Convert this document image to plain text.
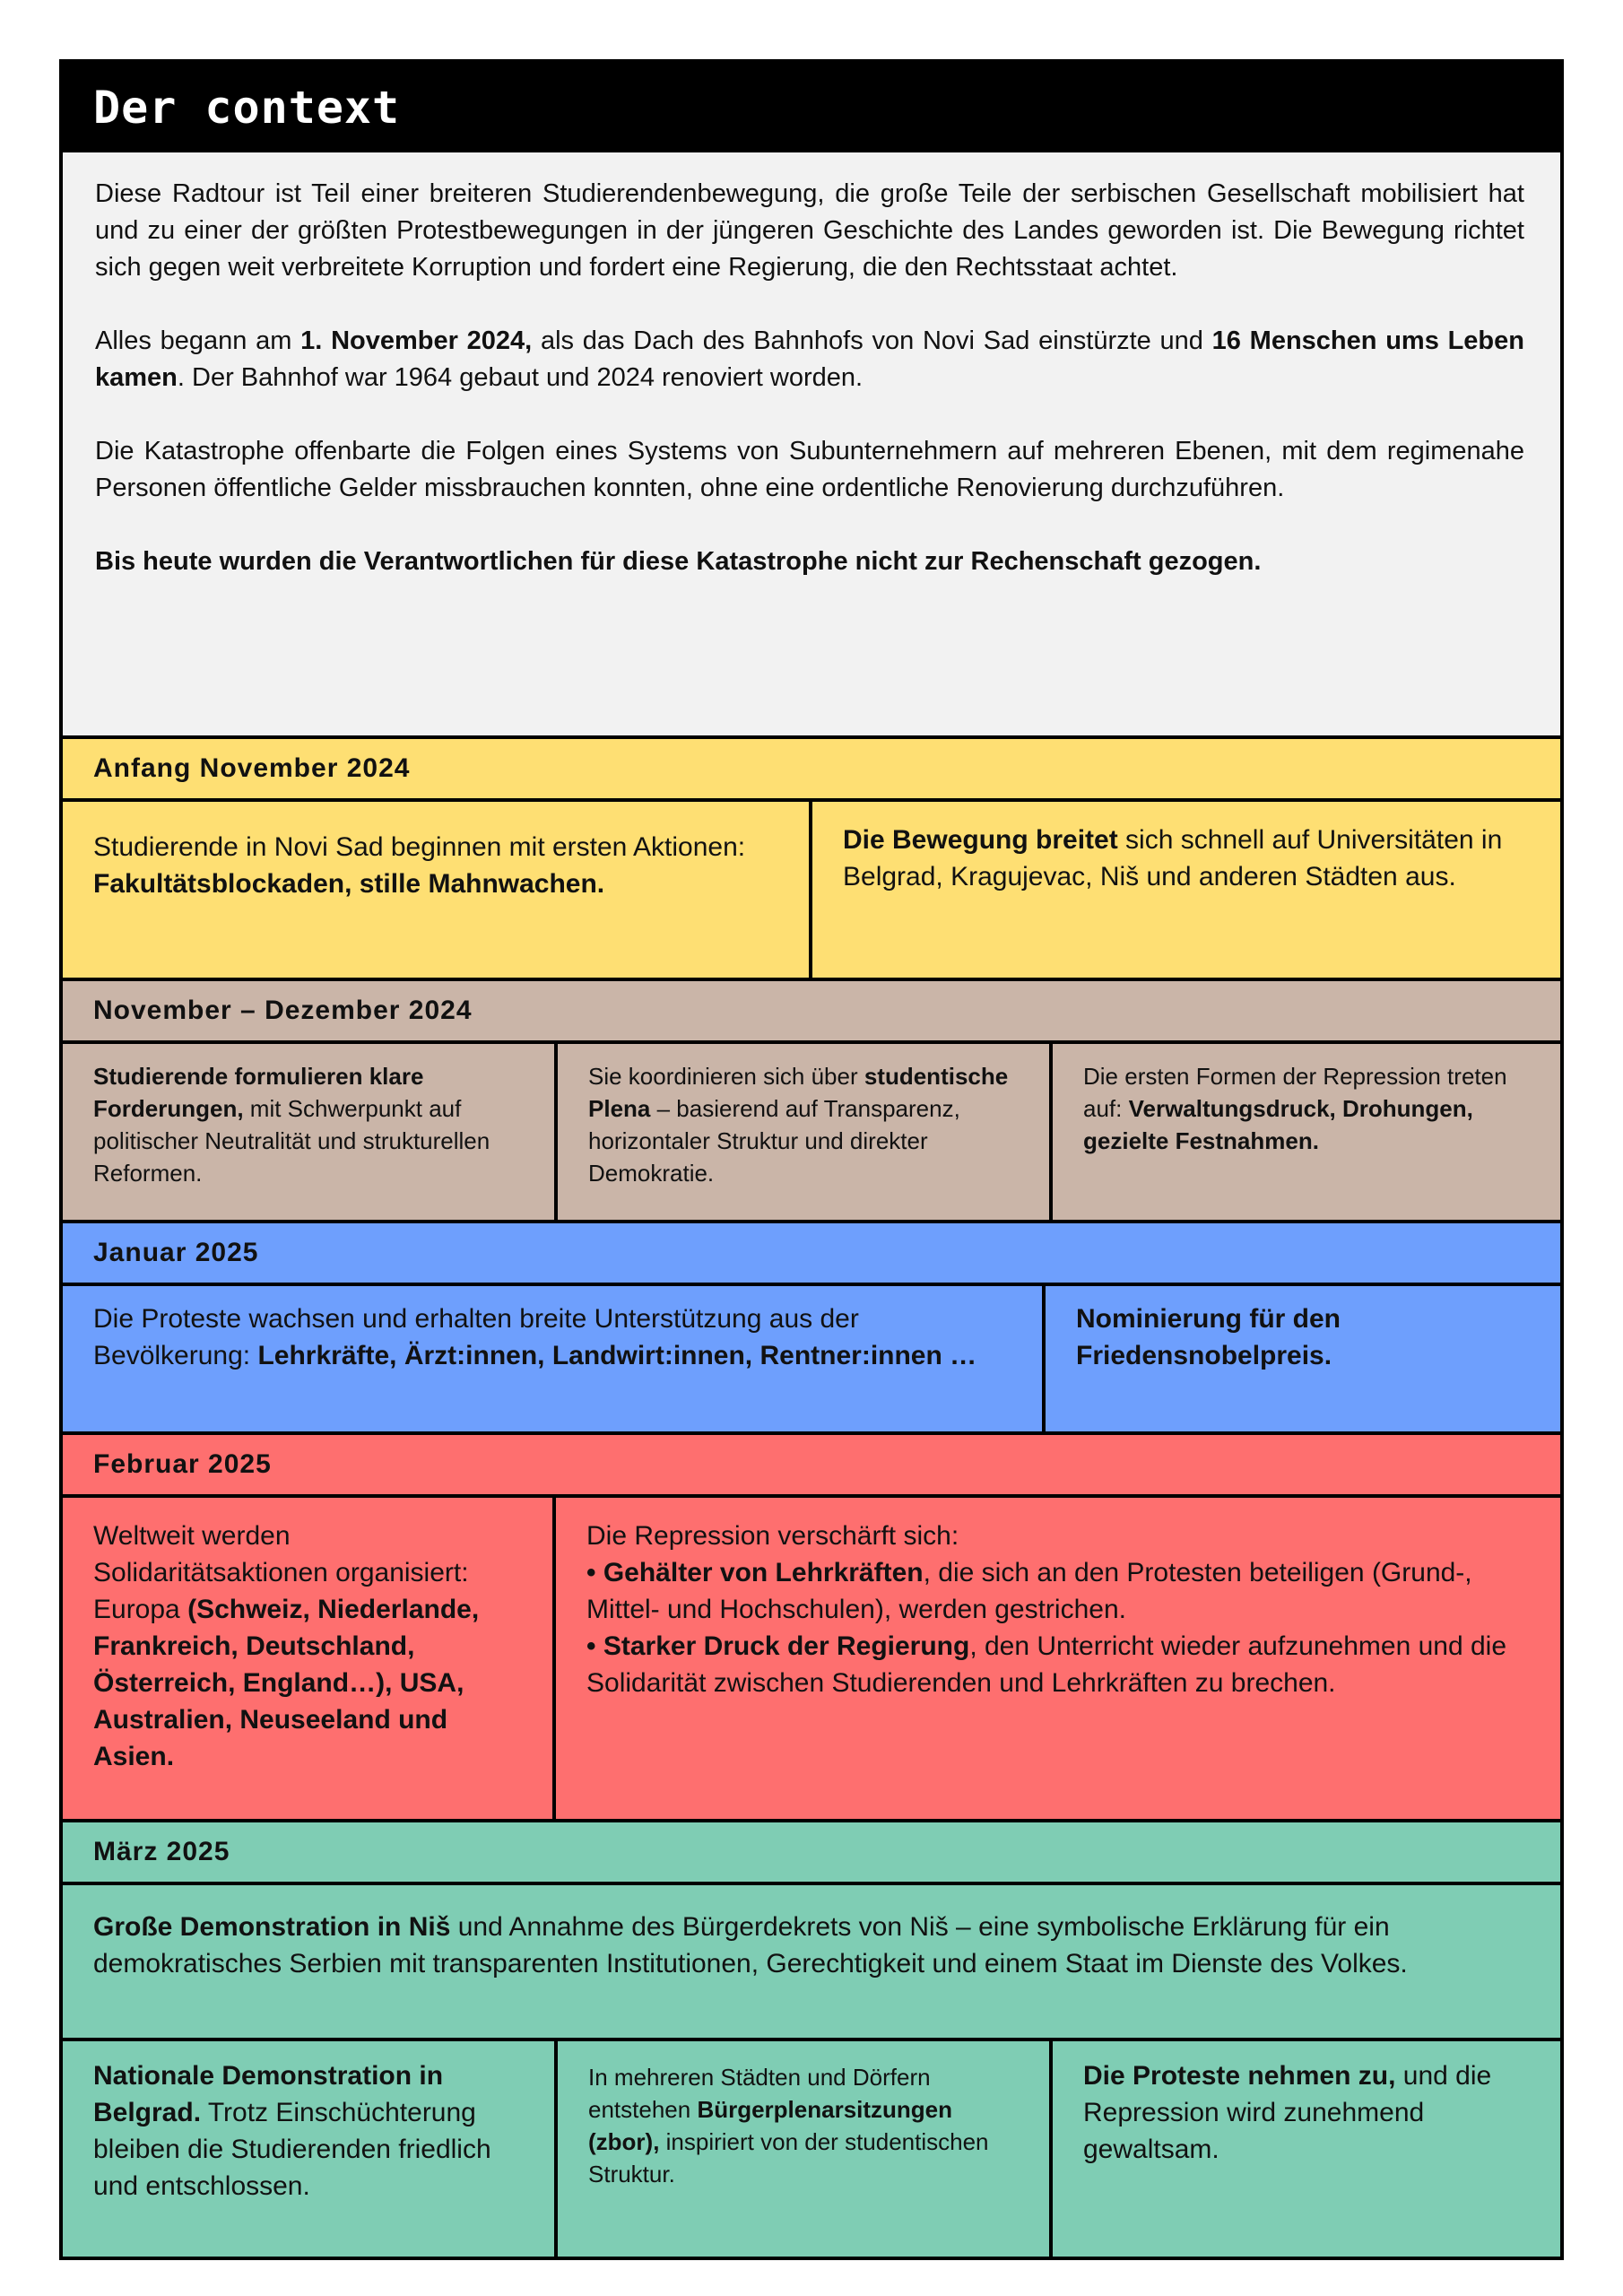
Der context

Diese Radtour ist Teil einer breiteren Studierendenbewegung, die große Teile der serbischen Gesellschaft mobilisiert hat und zu einer der größten Protestbewegungen in der jüngeren Geschichte des Landes geworden ist. Die Bewegung richtet sich gegen weit verbreitete Korruption und fordert eine Regierung, die den Rechtsstaat achtet.

Alles begann am 1. November 2024, als das Dach des Bahnhofs von Novi Sad einstürzte und 16 Menschen ums Leben kamen. Der Bahnhof war 1964 gebaut und 2024 renoviert worden.

Die Katastrophe offenbarte die Folgen eines Systems von Subunternehmern auf mehreren Ebenen, mit dem regimenahe Personen öffentliche Gelder missbrauchen konnten, ohne eine ordentliche Renovierung durchzuführen.

Bis heute wurden die Verantwortlichen für diese Katastrophe nicht zur Rechenschaft gezogen.

Anfang November 2024
Studierende in Novi Sad beginnen mit ersten Aktionen: Fakultätsblockaden, stille Mahnwachen.
Die Bewegung breitet sich schnell auf Universitäten in Belgrad, Kragujevac, Niš und anderen Städten aus.
November – Dezember 2024
Studierende formulieren klare Forderungen, mit Schwerpunkt auf politischer Neutralität und strukturellen Reformen.
Sie koordinieren sich über studentische Plena – basierend auf Transparenz, horizontaler Struktur und direkter Demokratie.
Die ersten Formen der Repression treten auf: Verwaltungsdruck, Drohungen, gezielte Festnahmen.
Januar 2025
Die Proteste wachsen und erhalten breite Unterstützung aus der Bevölkerung: Lehrkräfte, Ärzt:innen, Landwirt:innen, Rentner:innen …
Nominierung für den Friedensnobelpreis.
Februar 2025
Weltweit werden Solidaritätsaktionen organisiert: Europa (Schweiz, Niederlande, Frankreich, Deutschland, Österreich, England…), USA, Australien, Neuseeland und Asien.
Die Repression verschärft sich:
• Gehälter von Lehrkräften, die sich an den Protesten beteiligen (Grund-, Mittel- und Hochschulen), werden gestrichen.
• Starker Druck der Regierung, den Unterricht wieder aufzunehmen und die Solidarität zwischen Studierenden und Lehrkräften zu brechen.
März 2025
Große Demonstration in Niš und Annahme des Bürgerdekrets von Niš – eine symbolische Erklärung für ein demokratisches Serbien mit transparenten Institutionen, Gerechtigkeit und einem Staat im Dienste des Volkes.
Nationale Demonstration in Belgrad. Trotz Einschüchterung bleiben die Studierenden friedlich und entschlossen.
In mehreren Städten und Dörfern entstehen Bürgerplenarsitzungen (zbor), inspiriert von der studentischen Struktur.
Die Proteste nehmen zu, und die Repression wird zunehmend gewaltsam.
